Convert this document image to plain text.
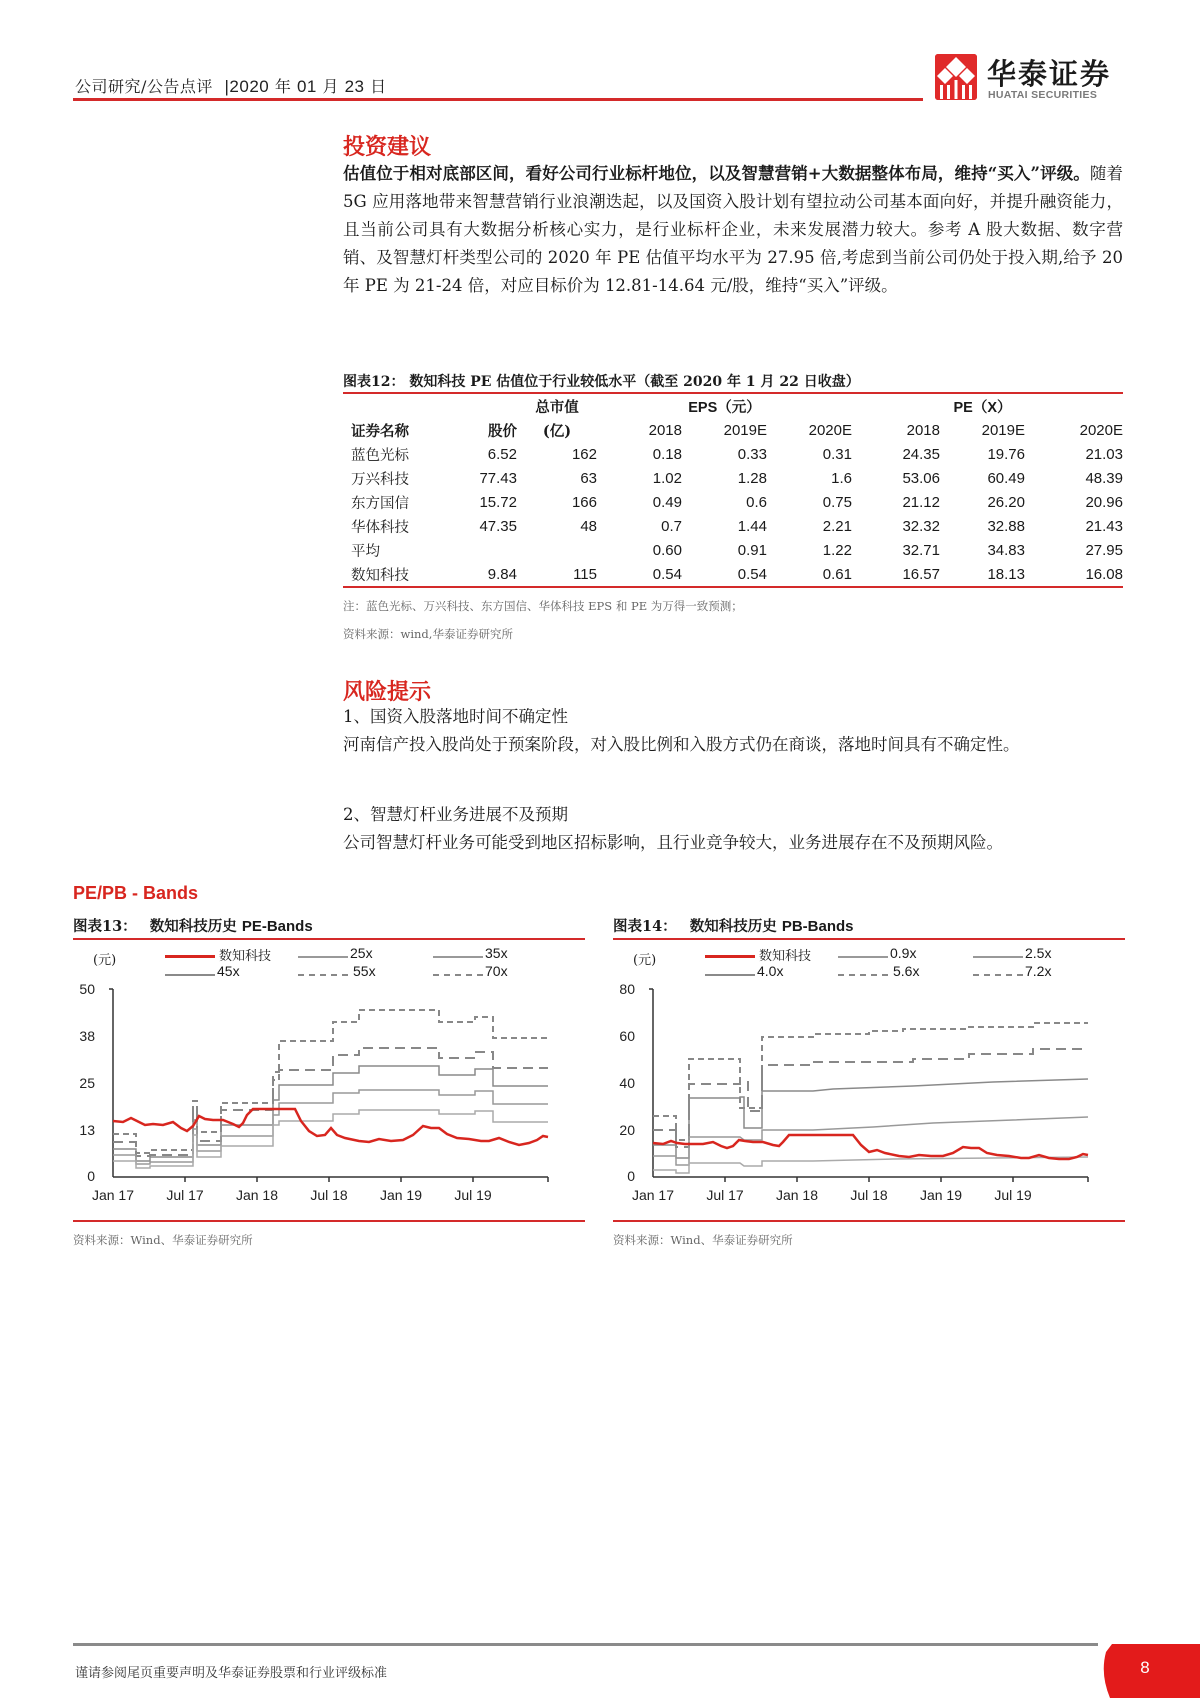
公司研究/公告点评 |2020 年 01 月 23 日	华泰证券
HUATAI SECURITIES
投资建议
估值位于相对底部区间，看好公司行业标杆地位，以及智慧营销+大数据整体布局，维持“买入”评级。随着 5G 应用落地带来智慧营销行业浪潮迭起，以及国资入股计划有望拉动公司基本面向好，并提升融资能力，且当前公司具有大数据分析核心实力，是行业标杆企业，未来发展潜力较大。参考 A 股大数据、数字营销、及智慧灯杆类型公司的 2020 年 PE 估值平均水平为 27.95 倍,考虑到当前公司仍处于投入期,给予 20 年 PE 为 21-24 倍，对应目标价为 12.81-14.64 元/股，维持“买入”评级。
图表12： 数知科技 PE 估值位于行业较低水平（截至 2020 年 1 月 22 日收盘）
		总市值		EPS（元）			PE（X）	
证券名称	股价	(亿)	2018	2019E	2020E	2018	2019E	2020E
蓝色光标	6.52	162	0.18	0.33	0.31	24.35	19.76	21.03
万兴科技	77.43	63	1.02	1.28	1.6	53.06	60.49	48.39
东方国信	15.72	166	0.49	0.6	0.75	21.12	26.20	20.96
华体科技	47.35	48	0.7	1.44	2.21	32.32	32.88	21.43
平均			0.60	0.91	1.22	32.71	34.83	27.95
数知科技	9.84	115	0.54	0.54	0.61	16.57	18.13	16.08
注：蓝色光标、万兴科技、东方国信、华体科技 EPS 和 PE 为万得一致预测；
资料来源：wind,华泰证券研究所
风险提示
1、国资入股落地时间不确定性
河南信产投入股尚处于预案阶段，对入股比例和入股方式仍在商谈，落地时间具有不确定性。
2、智慧灯杆业务进展不及预期
公司智慧灯杆业务可能受到地区招标影响，且行业竞争较大，业务进展存在不及预期风险。
PE/PB - Bands
图表13： 数知科技历史 PE-Bands
(元)	数知科技	25x	35x
45x	55x	70x
50
38
25
13
0
Jan 17 Jul 17 Jan 18 Jul 18 Jan 19 Jul 19
资料来源：Wind、华泰证券研究所
图表14： 数知科技历史 PB-Bands
(元)	数知科技	0.9x	2.5x
4.0x	5.6x	7.2x
80
60
40
20
0
Jan 17 Jul 17 Jan 18 Jul 18 Jan 19 Jul 19
资料来源：Wind、华泰证券研究所
谨请参阅尾页重要声明及华泰证券股票和行业评级标准	8
